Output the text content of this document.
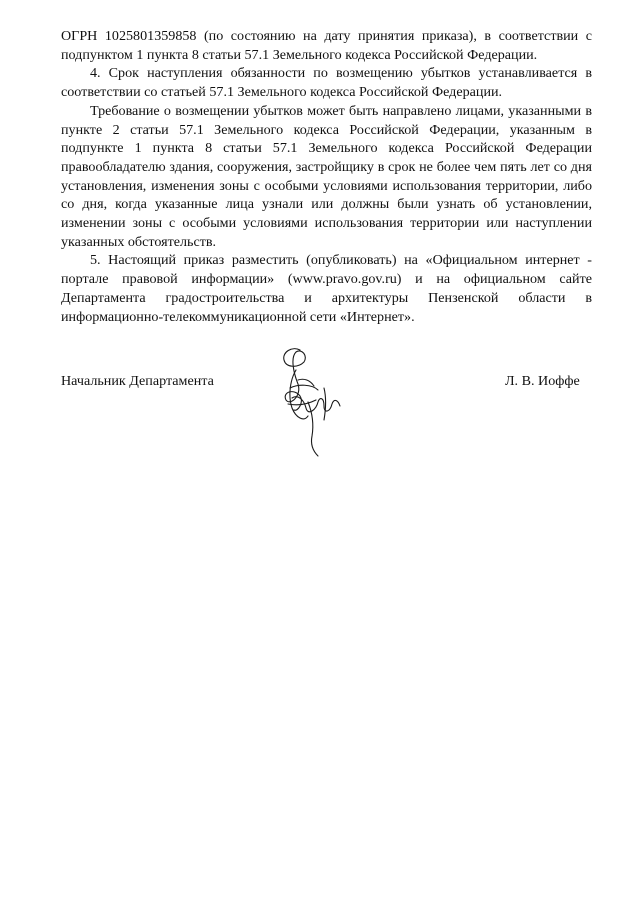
ОГРН 1025801359858 (по состоянию на дату принятия приказа), в соответствии с подпунктом 1 пункта 8 статьи 57.1 Земельного кодекса Российской Федерации.

4. Срок наступления обязанности по возмещению убытков устанавливается в соответствии со статьей 57.1 Земельного кодекса Российской Федерации.

Требование о возмещении убытков может быть направлено лицами, указанными в пункте 2 статьи 57.1 Земельного кодекса Российской Федерации, указанным в подпункте 1 пункта 8 статьи 57.1 Земельного кодекса Российской Федерации правообладателю здания, сооружения, застройщику в срок не более чем пять лет со дня установления, изменения зоны с особыми условиями использования территории, либо со дня, когда указанные лица узнали или должны были узнать об установлении, изменении зоны с особыми условиями использования территории или наступлении указанных обстоятельств.

5. Настоящий приказ разместить (опубликовать) на «Официальном интернет - портале правовой информации» (www.pravo.gov.ru) и на официальном сайте Департамента градостроительства и архитектуры Пензенской области в информационно-телекоммуникационной сети «Интернет».

Начальник Департамента	Л. В. Иоффе
